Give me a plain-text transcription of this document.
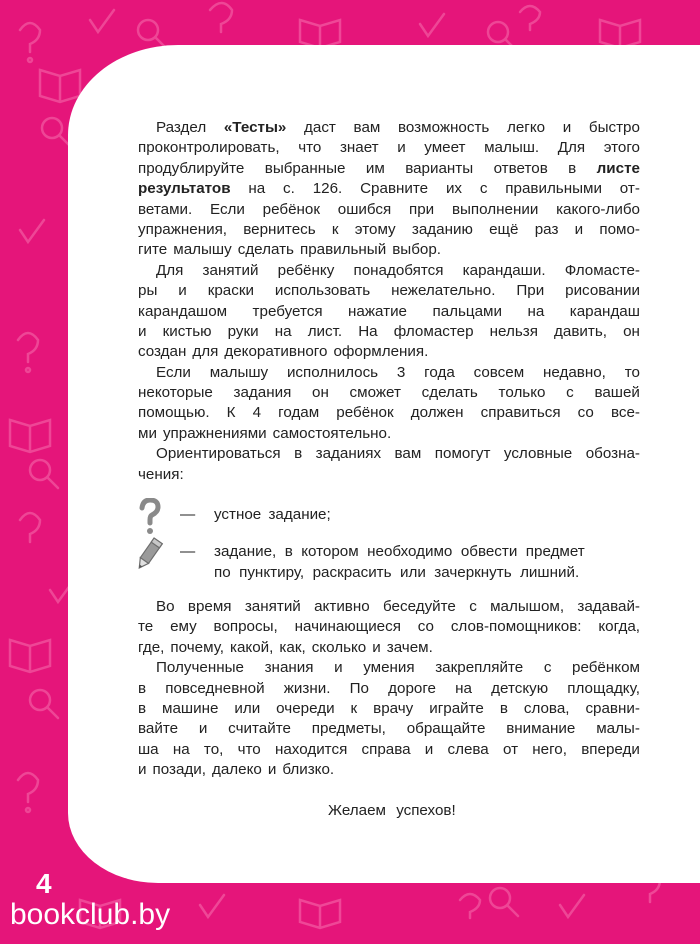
Раздел «Тесты» даст вам возможность легко и быстро
проконтролировать, что знает и умеет малыш. Для этого
продублируйте выбранные им варианты ответов в листе
результатов на с. 126. Сравните их с правильными от-
ветами. Если ребёнок ошибся при выполнении какого-либо
упражнения, вернитесь к этому заданию ещё раз и помо-
гите малышу сделать правильный выбор.
Для занятий ребёнку понадобятся карандаши. Фломасте-
ры и краски использовать нежелательно. При рисовании
карандашом требуется нажатие пальцами на карандаш
и кистью руки на лист. На фломастер нельзя давить, он
создан для декоративного оформления.
Если малышу исполнилось 3 года совсем недавно, то
некоторые задания он сможет сделать только с вашей
помощью. К 4 годам ребёнок должен справиться со все-
ми упражнениями самостоятельно.
Ориентироваться в заданиях вам помогут условные обозна-
чения:
— устное задание;
— задание,  в  котором  необходимо  обвести  предмет
по  пунктиру,  раскрасить  или  зачеркнуть  лишний.
Во время занятий активно беседуйте с малышом, задавай-
те ему вопросы, начинающиеся со слов-помощников: когда,
где, почему, какой, как, сколько и зачем.
Полученные знания и умения закрепляйте с ребёнком
в повседневной жизни. По дороге на детскую площадку,
в машине или очереди к врачу играйте в слова, сравни-
вайте и считайте предметы, обращайте внимание малы-
ша на то, что находится справа и слева от него, впереди
и позади, далеко и близко.
Желаем успехов!
4
bookclub.by
